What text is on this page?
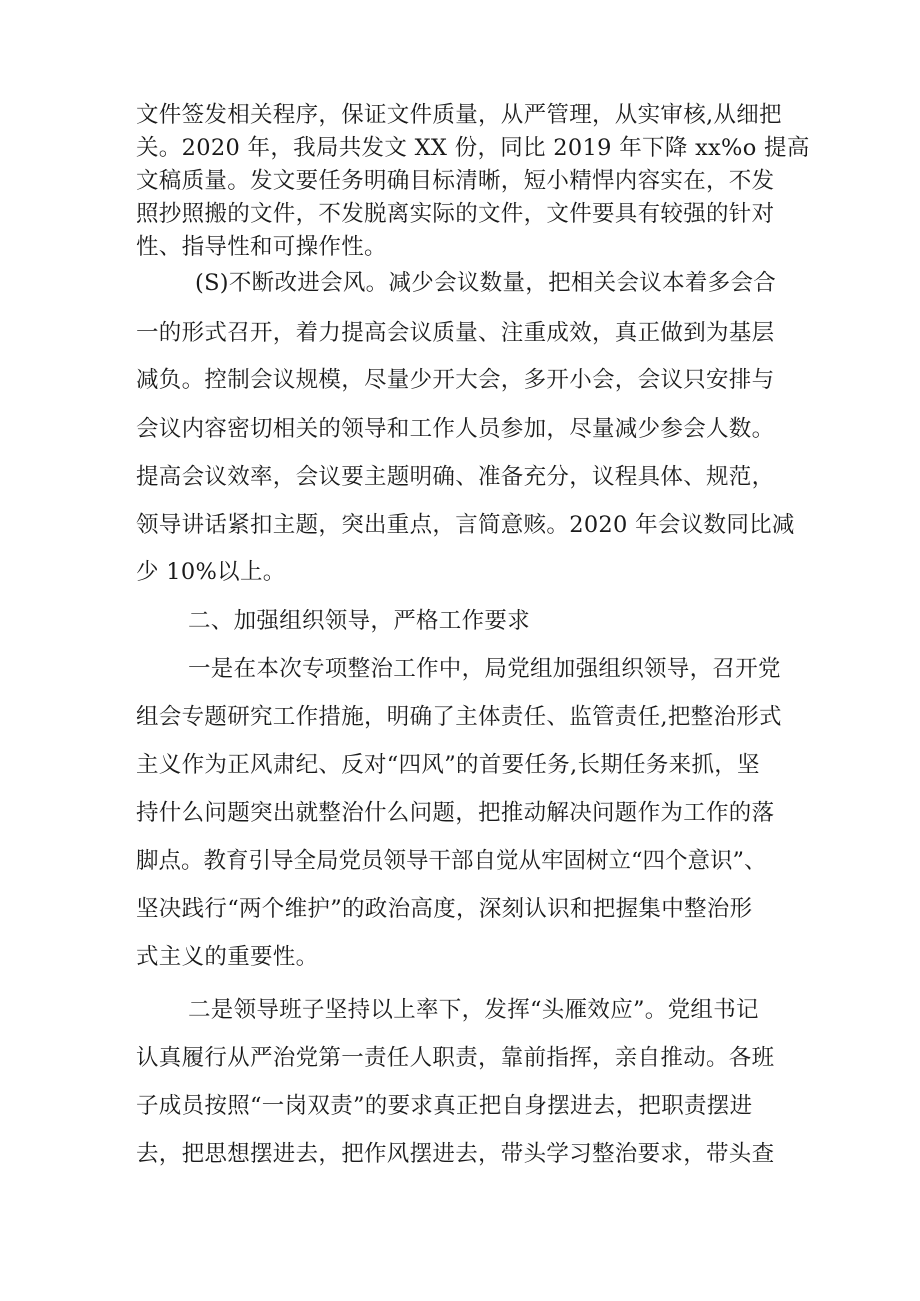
文件签发相关程序，保证文件质量，从严管理，从实审核,从细把
关。2020 年，我局共发文 XX 份，同比 2019 年下降 xx%o 提高
文稿质量。发文要任务明确目标清晰，短小精悍内容实在，不发
照抄照搬的文件，不发脱离实际的文件，文件要具有较强的针对
性、指导性和可操作性。
(S)不断改进会风。减少会议数量，把相关会议本着多会合
一的形式召开，着力提高会议质量、注重成效，真正做到为基层
减负。控制会议规模，尽量少开大会，多开小会，会议只安排与
会议内容密切相关的领导和工作人员参加，尽量减少参会人数。
提高会议效率，会议要主题明确、准备充分，议程具体、规范，
领导讲话紧扣主题，突出重点，言简意赅。2020 年会议数同比减
少 10%以上。
二、加强组织领导，严格工作要求
一是在本次专项整治工作中，局党组加强组织领导，召开党
组会专题研究工作措施，明确了主体责任、监管责任,把整治形式
主义作为正风肃纪、反对“四风”的首要任务,长期任务来抓，坚
持什么问题突出就整治什么问题，把推动解决问题作为工作的落
脚点。教育引导全局党员领导干部自觉从牢固树立“四个意识”、
坚决践行“两个维护”的政治高度，深刻认识和把握集中整治形
式主义的重要性。
二是领导班子坚持以上率下，发挥“头雁效应”。党组书记
认真履行从严治党第一责任人职责，靠前指挥，亲自推动。各班
子成员按照“一岗双责”的要求真正把自身摆进去，把职责摆进
去，把思想摆进去，把作风摆进去，带头学习整治要求，带头查
